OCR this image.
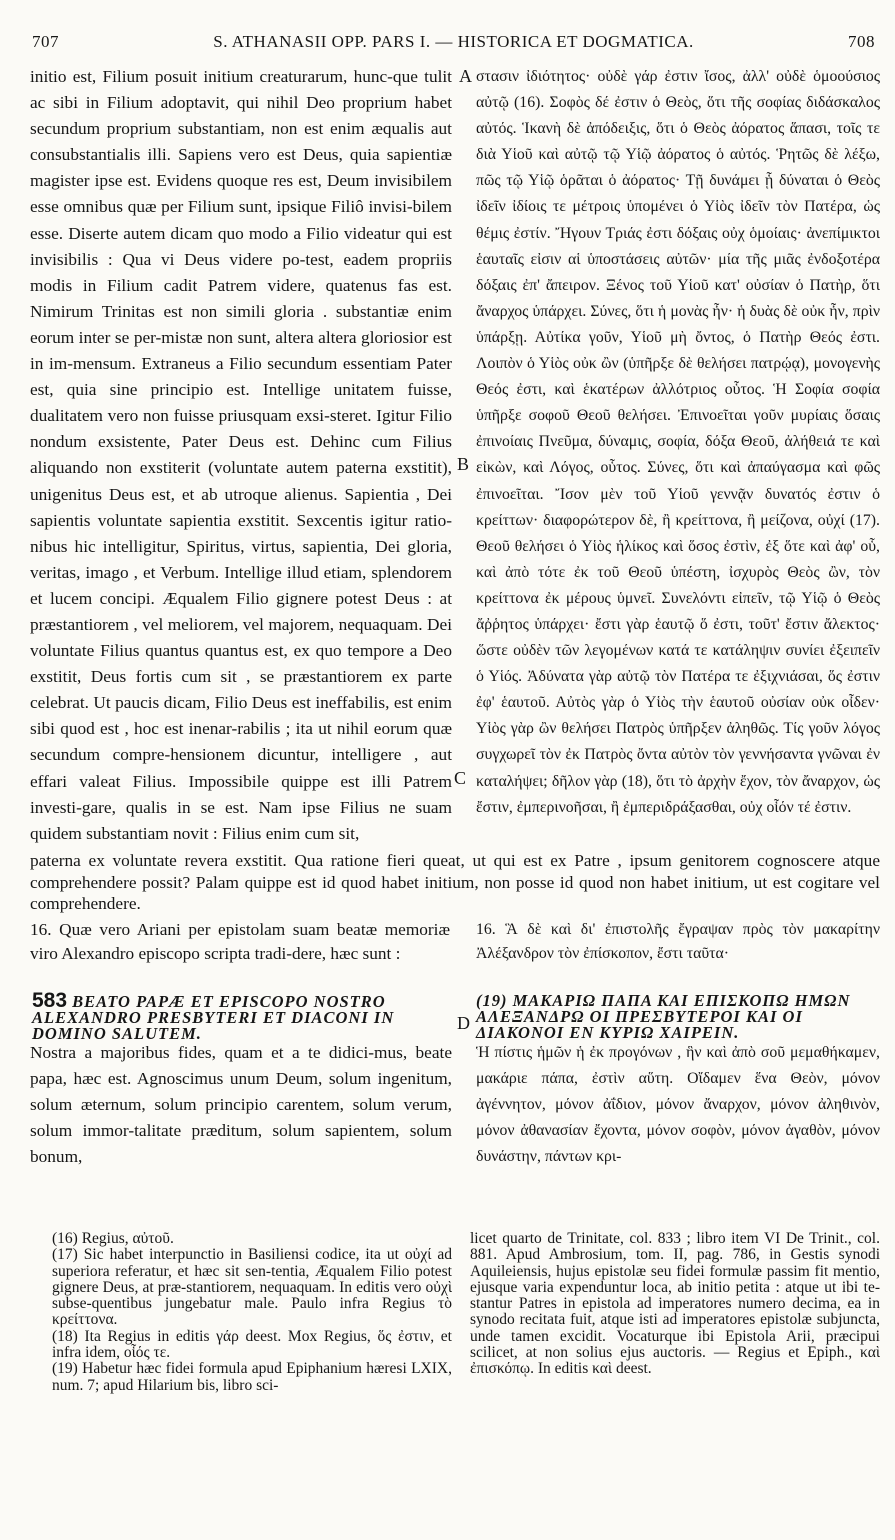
707	S. ATHANASII OPP. PARS I. — HISTORICA ET DOGMATICA.	708
initio est, Filium posuit initium creaturarum, hunc-que tulit ac sibi in Filium adoptavit, qui nihil Deo proprium habet secundum proprium substantiam, non est enim æqualis aut consubstantialis illi. Sapiens vero est Deus, quia sapientiæ magister ipse est. Evidens quoque res est, Deum invisibilem esse omnibus quæ per Filium sunt, ipsique Filiô invisi-bilem esse. Diserte autem dicam quo modo a Filio videatur qui est invisibilis : Qua vi Deus videre po-test, eadem propriis modis in Filium cadit Patrem videre, quatenus fas est. Nimirum Trinitas est non simili gloria . substantiæ enim eorum inter se per-mistæ non sunt, altera altera gloriosior est in im-mensum. Extraneus a Filio secundum essentiam Pater est, quia sine principio est. Intellige unitatem fuisse, dualitatem vero non fuisse priusquam exsi-steret. Igitur Filio nondum exsistente, Pater Deus est. Dehinc cum Filius aliquando non exstiterit (voluntate autem paterna exstitit), unigenitus Deus est, et ab utroque alienus. Sapientia , Dei sapientis voluntate sapientia exstitit. Sexcentis igitur ratio-nibus hic intelligitur, Spiritus, virtus, sapientia, Dei gloria, veritas, imago , et Verbum. Intellige illud etiam, splendorem et lucem concipi. Æqualem Filio gignere potest Deus : at præstantiorem , vel meliorem, vel majorem, nequaquam. Dei voluntate Filius quantus quantus est, ex quo tempore a Deo exstitit, Deus fortis cum sit , se præstantiorem ex parte celebrat. Ut paucis dicam, Filio Deus est ineffabilis, est enim sibi quod est , hoc est inenar-rabilis ; ita ut nihil eorum quæ secundum compre-hensionem dicuntur, intelligere , aut effari valeat Filius. Impossibile quippe est illi Patrem investi-gare, qualis in se est. Nam ipse Filius ne suam quidem substantiam novit : Filius enim cum sit,
στασιν ἰδιότητος· οὐδὲ γάρ ἐστιν ἴσος, ἀλλ' οὐδὲ ὁμοούσιος αὐτῷ (16). Σοφὸς δέ ἐστιν ὁ Θεὸς, ὅτι τῆς σοφίας διδάσκαλος αὐτός. Ἱκανὴ δὲ ἀπόδειξις, ὅτι ὁ Θεὸς ἀόρατος ἅπασι, τοῖς τε διὰ Υἱοῦ καὶ αὐτῷ τῷ Υἱῷ ἀόρατος ὁ αὐτός. Ῥητῶς δὲ λέξω, πῶς τῷ Υἱῷ ὁρᾶται ὁ ἀόρατος· Τῇ δυνάμει ᾗ δύναται ὁ Θεὸς ἰδεῖν ἰδίοις τε μέτροις ὑπομένει ὁ Υἱὸς ἰδεῖν τὸν Πατέρα, ὡς θέμις ἐστίν. Ἤγουν Τριάς ἐστι δόξαις οὐχ ὁμοίαις· ἀνεπίμικτοι ἑαυταῖς εἰσιν αἱ ὑποστάσεις αὐτῶν· μία τῆς μιᾶς ἐνδοξοτέρα δόξαις ἐπ' ἄπειρον. Ξένος τοῦ Υἱοῦ κατ' οὐσίαν ὁ Πατὴρ, ὅτι ἄναρχος ὑπάρχει. Σύνες, ὅτι ἡ μονὰς ἦν· ἡ δυὰς δὲ οὐκ ἦν, πρὶν ὑπάρξῃ. Αὐτίκα γοῦν, Υἱοῦ μὴ ὄντος, ὁ Πατὴρ Θεός ἐστι. Λοιπὸν ὁ Υἱὸς οὐκ ὢν (ὑπῆρξε δὲ θελήσει πατρῴᾳ), μονογενὴς Θεός ἐστι, καὶ ἑκατέρων ἀλλότριος οὗτος. Ἡ Σοφία σοφία ὑπῆρξε σοφοῦ Θεοῦ θελήσει. Ἐπινοεῖται γοῦν μυρίαις ὅσαις ἐπινοίαις Πνεῦμα, δύναμις, σοφία, δόξα Θεοῦ, ἀλήθειά τε καὶ εἰκὼν, καὶ Λόγος, οὗτος. Σύνες, ὅτι καὶ ἀπαύγασμα καὶ φῶς ἐπινοεῖται. Ἴσον μὲν τοῦ Υἱοῦ γεννᾷν δυνατός ἐστιν ὁ κρείττων· διαφορώτερον δὲ, ἢ κρείττονα, ἢ μείζονα, οὐχί (17). Θεοῦ θελήσει ὁ Υἱὸς ἡλίκος καὶ ὅσος ἐστὶν, ἐξ ὅτε καὶ ἀφ' οὗ, καὶ ἀπὸ τότε ἐκ τοῦ Θεοῦ ὑπέστη, ἰσχυρὸς Θεὸς ὢν, τὸν κρείττονα ἐκ μέρους ὑμνεῖ. Συνελόντι εἰπεῖν, τῷ Υἱῷ ὁ Θεὸς ἄῤῥητος ὑπάρχει· ἔστι γὰρ ἑαυτῷ ὅ ἐστι, τοῦτ' ἔστιν ἄλεκτος· ὥστε οὐδὲν τῶν λεγομένων κατά τε κατάληψιν συνίει ἐξειπεῖν ὁ Υἱός. Ἀδύνατα γὰρ αὐτῷ τὸν Πατέρα τε ἐξιχνιάσαι, ὅς ἐστιν ἐφ' ἑαυτοῦ. Αὐτὸς γὰρ ὁ Υἱὸς τὴν ἑαυτοῦ οὐσίαν οὐκ οἶδεν· Υἱὸς γὰρ ὢν θελήσει Πατρὸς ὑπῆρξεν ἀληθῶς. Τίς γοῦν λόγος συγχωρεῖ τὸν ἐκ Πατρὸς ὄντα αὐτὸν τὸν γεννήσαντα γνῶναι ἐν καταλήψει; δῆλον γὰρ (18), ὅτι τὸ ἀρχὴν ἔχον, τὸν ἄναρχον, ὡς ἔστιν, ἐμπερινοῆσαι, ἢ ἐμπεριδράξασθαι, οὐχ οἷόν τέ ἐστιν.
A
B
C
D
paterna ex voluntate revera exstitit. Qua ratione fieri queat, ut qui est ex Patre , ipsum genitorem cognoscere atque comprehendere possit? Palam quippe est id quod habet initium, non posse id quod non habet initium, ut est cogitare vel comprehendere.
16. Quæ vero Ariani per epistolam suam beatæ memoriæ viro Alexandro episcopo scripta tradi-dere, hæc sunt :
16. Ἃ δὲ καὶ δι' ἐπιστολῆς ἔγραψαν πρὸς τὸν μακαρίτην Ἀλέξανδρον τὸν ἐπίσκοπον, ἔστι ταῦτα·
583 BEATO PAPÆ ET EPISCOPO NOSTRO ALEXANDRO PRESBYTERI ET DIACONI IN DOMINO SALUTEM.
(19) ΜΑΚΑΡΙΩ ΠΑΠΑ ΚΑΙ ΕΠΙΣΚΟΠΩ ΗΜΩΝ ΑΛΕΞΑΝΔΡΩ ΟΙ ΠΡΕΣΒΥΤΕΡΟΙ ΚΑΙ ΟΙ ΔΙΑΚΟΝΟΙ ΕΝ ΚΥΡΙΩ ΧΑΙΡΕΙΝ.
Nostra a majoribus fides, quam et a te didici-mus, beate papa, hæc est. Agnoscimus unum Deum, solum ingenitum, solum æternum, solum principio carentem, solum verum, solum immor-talitate præditum, solum sapientem, solum bonum,
Ἡ πίστις ἡμῶν ἡ ἐκ προγόνων , ἣν καὶ ἀπὸ σοῦ μεμαθήκαμεν, μακάριε πάπα, ἐστὶν αὕτη. Οἴδαμεν ἕνα Θεὸν, μόνον ἀγέννητον, μόνον ἀΐδιον, μόνον ἄναρχον, μόνον ἀληθινὸν, μόνον ἀθανασίαν ἔχοντα, μόνον σοφὸν, μόνον ἀγαθὸν, μόνον δυνάστην, πάντων κρι-

(16) Regius, αὐτοῦ.

(17) Sic habet interpunctio in Basiliensi codice, ita ut οὐχί ad superiora referatur, et hæc sit sen-tentia, Æqualem Filio potest gignere Deus, at præ-stantiorem, nequaquam. In editis vero οὐχὶ subse-quentibus jungebatur male. Paulo infra Regius τὸ κρείττονα.

(18) Ita Regius in editis γάρ deest. Mox Regius, ὅς ἐστιν, et infra idem, οἷός τε.

(19) Habetur hæc fidei formula apud Epiphanium hæresi LXIX, num. 7; apud Hilarium bis, libro sci-

licet quarto de Trinitate, col. 833 ; libro item VI De Trinit., col. 881. Apud Ambrosium, tom. II, pag. 786, in Gestis synodi Aquileiensis, hujus epistolæ seu fidei formulæ passim fit mentio, ejusque varia expenduntur loca, ab initio petita : atque ut ibi te-stantur Patres in epistola ad imperatores numero decima, ea in synodo recitata fuit, atque isti ad imperatores epistolæ subjuncta, unde tamen excidit. Vocaturque ibi Epistola Arii, præcipui scilicet, at non solius ejus auctoris. — Regius et Epiph., καὶ ἐπισκόπῳ. In editis καὶ deest.
